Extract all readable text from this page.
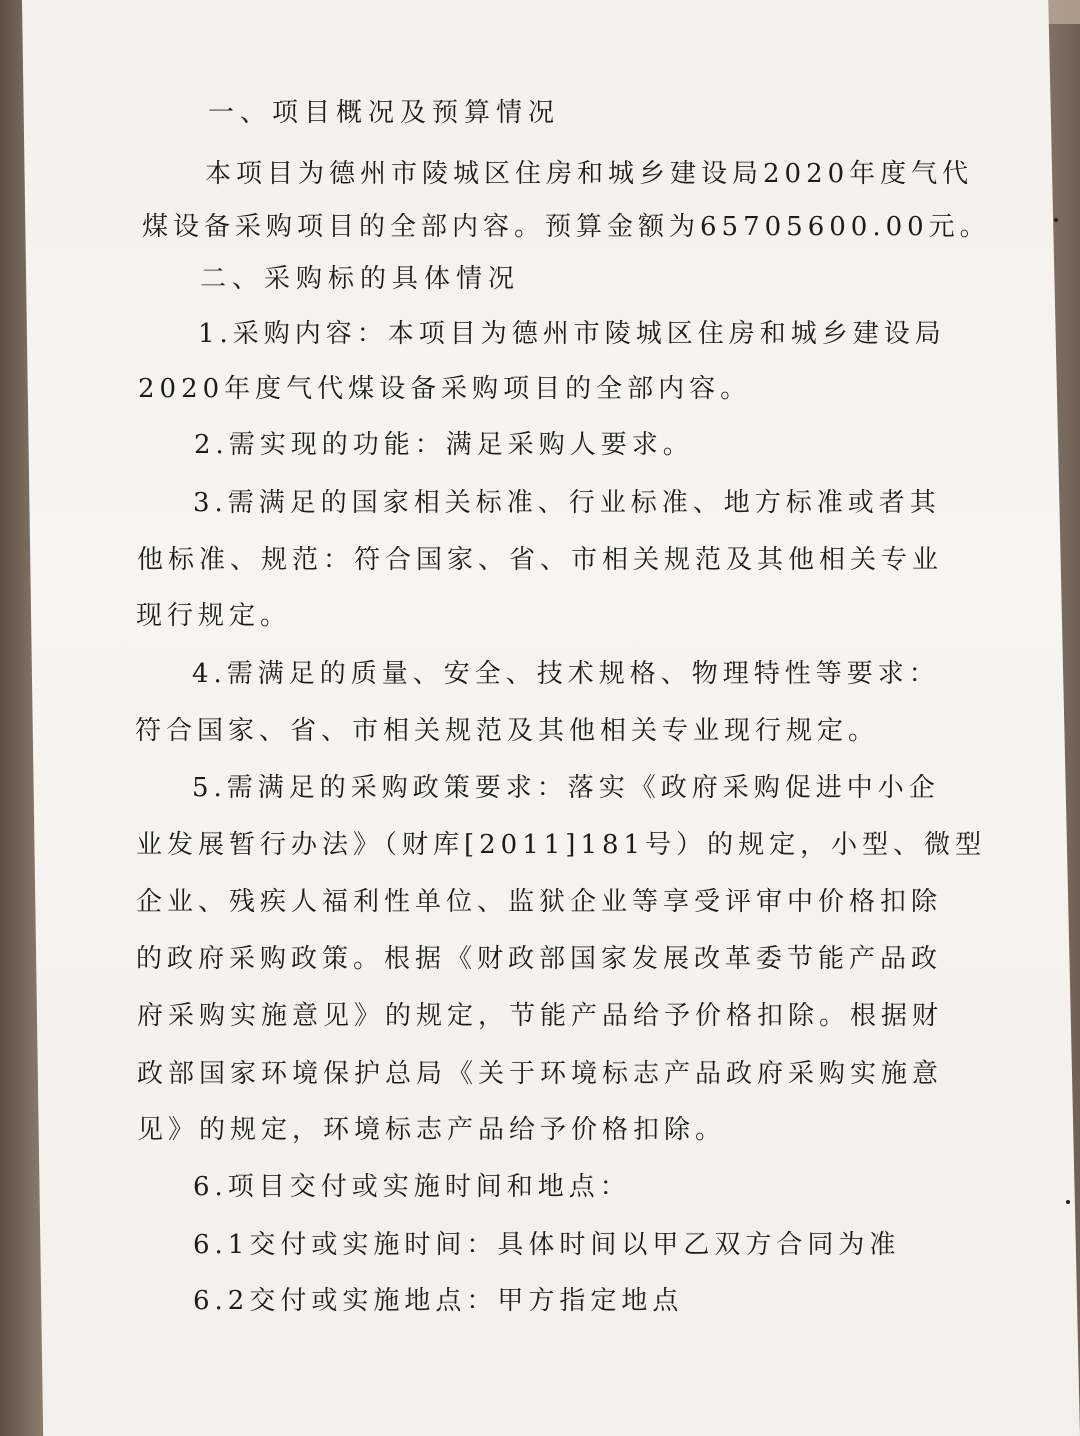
一、项目概况及预算情况
本项目为德州市陵城区住房和城乡建设局2020年度气代
煤设备采购项目的全部内容。预算金额为65705600.00元。
二、采购标的具体情况
1.采购内容：本项目为德州市陵城区住房和城乡建设局
2020年度气代煤设备采购项目的全部内容。
2.需实现的功能：满足采购人要求。
3.需满足的国家相关标准、行业标准、地方标准或者其
他标准、规范：符合国家、省、市相关规范及其他相关专业
现行规定。
4.需满足的质量、安全、技术规格、物理特性等要求：
符合国家、省、市相关规范及其他相关专业现行规定。
5.需满足的采购政策要求：落实《政府采购促进中小企
业发展暂行办法》（财库[2011]181号）的规定，小型、微型
企业、残疾人福利性单位、监狱企业等享受评审中价格扣除
的政府采购政策。根据《财政部国家发展改革委节能产品政
府采购实施意见》的规定，节能产品给予价格扣除。根据财
政部国家环境保护总局《关于环境标志产品政府采购实施意
见》的规定，环境标志产品给予价格扣除。
6.项目交付或实施时间和地点：
6.1交付或实施时间：具体时间以甲乙双方合同为准
6.2交付或实施地点：甲方指定地点
